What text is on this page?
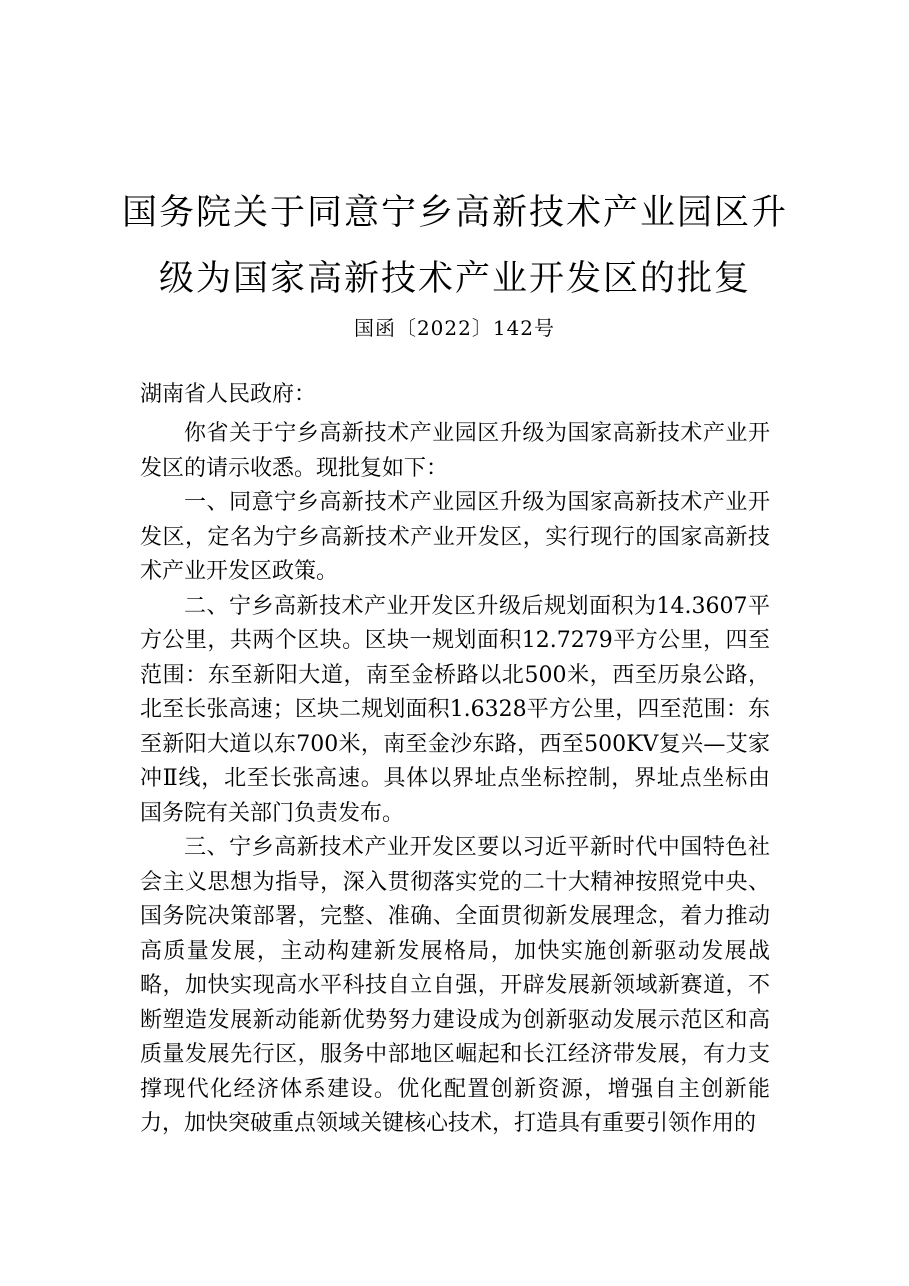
国务院关于同意宁乡高新技术产业园区升
级为国家高新技术产业开发区的批复
国函〔2022〕142号
湖南省人民政府：

你省关于宁乡高新技术产业园区升级为国家高新技术产业开发区的请示收悉。现批复如下：

一、同意宁乡高新技术产业园区升级为国家高新技术产业开发区，定名为宁乡高新技术产业开发区，实行现行的国家高新技术产业开发区政策。

二、宁乡高新技术产业开发区升级后规划面积为14.3607平方公里，共两个区块。区块一规划面积12.7279平方公里，四至范围：东至新阳大道，南至金桥路以北500米，西至历泉公路，北至长张高速；区块二规划面积1.6328平方公里，四至范围：东至新阳大道以东700米，南至金沙东路，西至500KV复兴—艾家冲Ⅱ线，北至长张高速。具体以界址点坐标控制，界址点坐标由国务院有关部门负责发布。

三、宁乡高新技术产业开发区要以习近平新时代中国特色社会主义思想为指导，深入贯彻落实党的二十大精神按照党中央、国务院决策部署，完整、准确、全面贯彻新发展理念，着力推动高质量发展，主动构建新发展格局，加快实施创新驱动发展战略，加快实现高水平科技自立自强，开辟发展新领域新赛道，不断塑造发展新动能新优势努力建设成为创新驱动发展示范区和高质量发展先行区，服务中部地区崛起和长江经济带发展，有力支撑现代化经济体系建设。优化配置创新资源，增强自主创新能力，加快突破重点领域关键核心技术，打造具有重要引领作用的
